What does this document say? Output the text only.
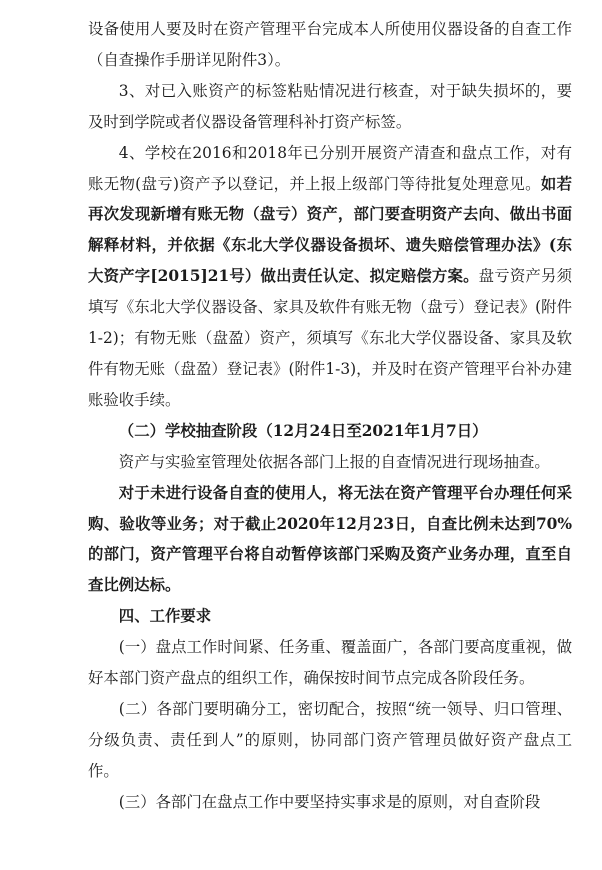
设备使用人要及时在资产管理平台完成本人所使用仪器设备的自查工作（自查操作手册详见附件3）。

3、对已入账资产的标签粘贴情况进行核查，对于缺失损坏的，要及时到学院或者仪器设备管理科补打资产标签。

4、学校在2016和2018年已分别开展资产清查和盘点工作，对有账无物(盘亏)资产予以登记，并上报上级部门等待批复处理意见。如若再次发现新增有账无物（盘亏）资产，部门要查明资产去向、做出书面解释材料，并依据《东北大学仪器设备损坏、遗失赔偿管理办法》(东大资产字[2015]21号）做出责任认定、拟定赔偿方案。盘亏资产另须填写《东北大学仪器设备、家具及软件有账无物（盘亏）登记表》(附件1-2)；有物无账（盘盈）资产，须填写《东北大学仪器设备、家具及软件有物无账（盘盈）登记表》(附件1-3)，并及时在资产管理平台补办建账验收手续。

（二）学校抽查阶段（12月24日至2021年1月7日）

资产与实验室管理处依据各部门上报的自查情况进行现场抽查。

对于未进行设备自查的使用人，将无法在资产管理平台办理任何采购、验收等业务；对于截止2020年12月23日，自查比例未达到70%的部门，资产管理平台将自动暂停该部门采购及资产业务办理，直至自查比例达标。

四、工作要求

(一）盘点工作时间紧、任务重、覆盖面广，各部门要高度重视，做好本部门资产盘点的组织工作，确保按时间节点完成各阶段任务。

(二）各部门要明确分工，密切配合，按照“统一领导、归口管理、分级负责、责任到人”的原则，协同部门资产管理员做好资产盘点工作。

(三）各部门在盘点工作中要坚持实事求是的原则，对自查阶段
